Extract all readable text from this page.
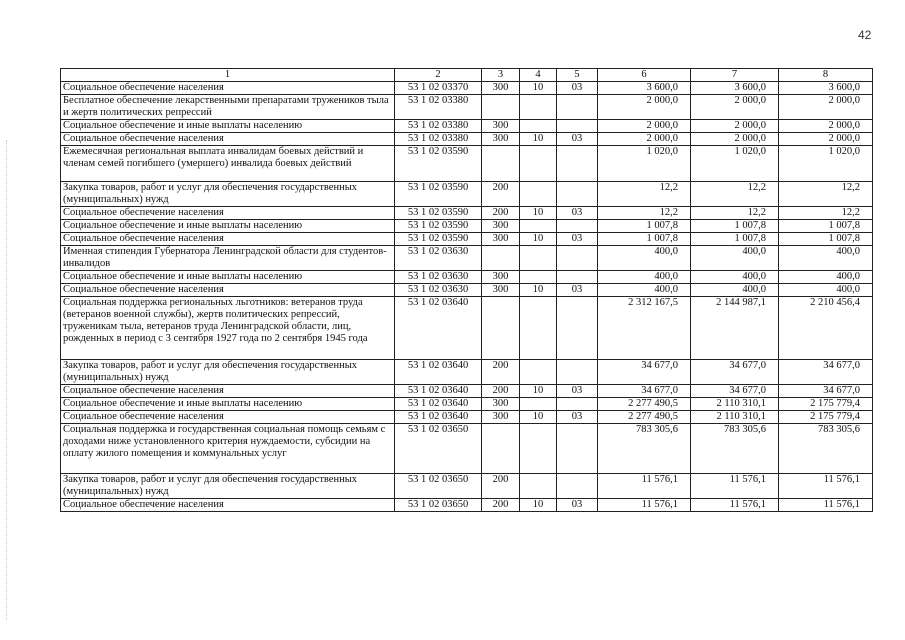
42
1	2	3	4	5	6	7	8
Социальное обеспечение населения	53 1 02 03370	300	10	03	3 600,0	3 600,0	3 600,0
Бесплатное обеспечение лекарственными препаратами тружеников тыла и жертв политических репрессий	53 1 02 03380				2 000,0	2 000,0	2 000,0
Социальное обеспечение и иные выплаты населению	53 1 02 03380	300			2 000,0	2 000,0	2 000,0
Социальное обеспечение населения	53 1 02 03380	300	10	03	2 000,0	2 000,0	2 000,0
Ежемесячная региональная выплата инвалидам боевых действий и членам семей погибшего (умершего) инвалида боевых действий	53 1 02 03590				1 020,0	1 020,0	1 020,0
Закупка товаров, работ и услуг для обеспечения государственных (муниципальных) нужд	53 1 02 03590	200			12,2	12,2	12,2
Социальное обеспечение населения	53 1 02 03590	200	10	03	12,2	12,2	12,2
Социальное обеспечение и иные выплаты населению	53 1 02 03590	300			1 007,8	1 007,8	1 007,8
Социальное обеспечение населения	53 1 02 03590	300	10	03	1 007,8	1 007,8	1 007,8
Именная стипендия Губернатора Ленинградской области для студентов-инвалидов	53 1 02 03630				400,0	400,0	400,0
Социальное обеспечение и иные выплаты населению	53 1 02 03630	300			400,0	400,0	400,0
Социальное обеспечение населения	53 1 02 03630	300	10	03	400,0	400,0	400,0
Социальная поддержка региональных льготников: ветеранов труда (ветеранов военной службы), жертв политических репрессий, труженикам тыла, ветеранов труда Ленинградской области, лиц, рожденных в период с 3 сентября 1927 года по 2 сентября 1945 года	53 1 02 03640				2 312 167,5	2 144 987,1	2 210 456,4
Закупка товаров, работ и услуг для обеспечения государственных (муниципальных) нужд	53 1 02 03640	200			34 677,0	34 677,0	34 677,0
Социальное обеспечение населения	53 1 02 03640	200	10	03	34 677,0	34 677,0	34 677,0
Социальное обеспечение и иные выплаты населению	53 1 02 03640	300			2 277 490,5	2 110 310,1	2 175 779,4
Социальное обеспечение населения	53 1 02 03640	300	10	03	2 277 490,5	2 110 310,1	2 175 779,4
Социальная поддержка и государственная социальная помощь семьям с доходами ниже установленного критерия нуждаемости, субсидии на оплату жилого помещения и коммунальных услуг	53 1 02 03650				783 305,6	783 305,6	783 305,6
Закупка товаров, работ и услуг для обеспечения государственных (муниципальных) нужд	53 1 02 03650	200			11 576,1	11 576,1	11 576,1
Социальное обеспечение населения	53 1 02 03650	200	10	03	11 576,1	11 576,1	11 576,1
